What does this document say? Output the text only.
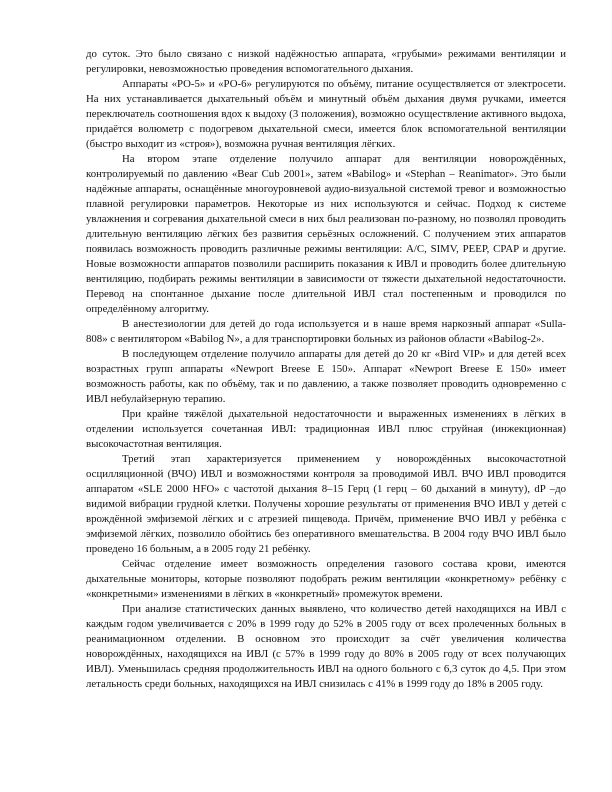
до суток. Это было связано с низкой надёжностью аппарата, «грубыми» режимами вентиляции и регулировки, невозможностью проведения вспомогательного дыхания.

Аппараты «РО-5» и «РО-6» регулируются по объёму, питание осуществляется от электросети. На них устанавливается дыхательный объём и минутный объём дыхания двумя ручками, имеется переключатель соотношения вдох к выдоху (3 положения), возможно осуществление активного выдоха, придаётся волюметр с подогревом дыхательной смеси, имеется блок вспомогательной вентиляции (быстро выходит из «строя»), возможна ручная вентиляция лёгких.

На втором этапе отделение получило аппарат для вентиляции новорождённых, контролируемый по давлению «Bear Cub 2001», затем «Babilog» и «Stephan – Reanimator». Это были надёжные аппараты, оснащённые многоуровневой аудио-визуальной системой тревог и возможностью плавной регулировки параметров. Некоторые из них используются и сейчас. Подход к системе увлажнения и согревания дыхательной смеси в них был реализован по-разному, но позволял проводить длительную вентиляцию лёгких без развития серьёзных осложнений. С получением этих аппаратов появилась возможность проводить различные режимы вентиляции: A/C, SIMV, PEEP, CPAP и другие. Новые возможности аппаратов позволили расширить показания к ИВЛ и проводить более длительную вентиляцию, подбирать режимы вентиляции в зависимости от тяжести дыхательной недостаточности. Перевод на спонтанное дыхание после длительной ИВЛ стал постепенным и проводился по определённому алгоритму.

В анестезиологии для детей до года используется и в наше время наркозный аппарат «Sulla-808» с вентилятором «Babilog N», а для транспортировки больных из районов области «Babilog-2».

В последующем отделение получило аппараты для детей до 20 кг «Bird VIP» и для детей всех возрастных групп аппараты «Newport Breese E 150». Аппарат «Newport Breese E 150» имеет возможность работы, как по объёму, так и по давлению, а также позволяет проводить одновременно с ИВЛ небулайзерную терапию.

При крайне тяжёлой дыхательной недостаточности и выраженных изменениях в лёгких в отделении используется сочетанная ИВЛ: традиционная ИВЛ плюс струйная (инжекционная) высокочастотная вентиляция.

Третий этап характеризуется применением у новорождённых высокочастотной осцилляционной (ВЧО) ИВЛ и возможностями контроля за проводимой ИВЛ. ВЧО ИВЛ проводится аппаратом «SLE 2000 HFO» с частотой дыхания 8–15 Герц (1 герц – 60 дыханий в минуту), dP –до видимой вибрации грудной клетки. Получены хорошие результаты от применения ВЧО ИВЛ у детей с врождённой эмфиземой лёгких и с атрезией пищевода. Причём, применение ВЧО ИВЛ у ребёнка с эмфиземой лёгких, позволило обойтись без оперативного вмешательства. В 2004 году ВЧО ИВЛ было проведено 16 больным, а в 2005 году 21 ребёнку.

Сейчас отделение имеет возможность определения газового состава крови, имеются дыхательные мониторы, которые позволяют подобрать режим вентиляции «конкретному» ребёнку с «конкретными» изменениями в лёгких в «конкретный» промежуток времени.

При анализе статистических данных выявлено, что количество детей находящихся на ИВЛ с каждым годом увеличивается с 20% в 1999 году до 52% в 2005 году от всех пролеченных больных в реанимационном отделении. В основном это происходит за счёт увеличения количества новорождённых, находящихся на ИВЛ (с 57% в 1999 году до 80% в 2005 году от всех получающих ИВЛ). Уменьшилась средняя продолжительность ИВЛ на одного больного с 6,3 суток до 4,5. При этом летальность среди больных, находящихся на ИВЛ снизилась с 41% в 1999 году до 18% в 2005 году.
